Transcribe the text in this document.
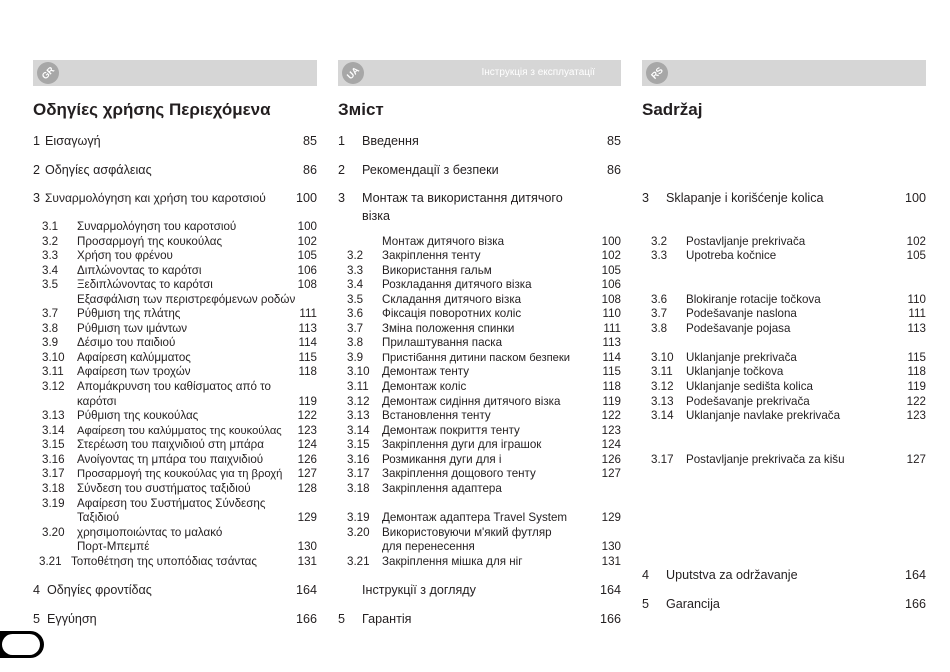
GR
Οδηγίες χρήσης Περιεχόμενα
1 Εισαγωγή	85
2 Οδηγίες ασφάλειας	86
3 Συναρμολόγηση και χρήση του καροτσιού	100
3.1 Συναρμολόγηση του καροτσιού	100
3.2 Προσαρμογή της κουκούλας	102
3.3 Χρήση του φρένου	105
3.4 Διπλώνοντας το καρότσι	106
3.5 Ξεδιπλώνοντας το καρότσι	108
Εξασφάλιση των περιστρεφόμενων ροδών
3.7 Ρύθμιση της πλάτης	111
3.8 Ρύθμιση των ιμάντων	113
3.9 Δέσιμο του παιδιού	114
3.10 Αφαίρεση καλύμματος	115
3.11 Αφαίρεση των τροχών	118
3.12 Απομάκρυνση του καθίσματος από το
καρότσι	119
3.13 Ρύθμιση της κουκούλας	122
3.14 Αφαίρεση του καλύμματος της κουκούλας 123
3.15 Στερέωση του παιχνιδιού στη μπάρα	124
3.16 Ανοίγοντας τη μπάρα του παιχνιδιού	126
3.17 Προσαρμογή της κουκούλας για τη βροχή 127
3.18 Σύνδεση του συστήματος ταξιδιού	128
3.19 Αφαίρεση του Συστήματος Σύνδεσης
Ταξιδιού	129
3.20 χρησιμοποιώντας το μαλακό
Πορτ-Μπεμπέ	130
3.21 Τοποθέτηση της υποπόδιας τσάντας	131
4 Οδηγίες φροντίδας	164
5 Εγγύηση	166
Інструкція з експлуатації
UA
Зміст
1 Введення	85
2 Рекомендації з безпеки	86
3 Монтаж та використання дитячого
візка
Монтаж дитячого візка	100
3.2 Закріплення тенту	102
3.3 Використання гальм	105
3.4 Розкладання дитячого візка	106
3.5 Складання дитячого візка	108
3.6 Фіксація поворотних коліс	110
3.7 Зміна положення спинки	111
3.8 Прилаштування паска	113
3.9 Пристібання дитини паском безпеки	114
3.10 Демонтаж тенту	115
3.11 Демонтаж коліс	118
3.12 Демонтаж сидіння дитячого візка	119
3.13 Встановлення тенту	122
3.14 Демонтаж покриття тенту	123
3.15 Закріплення дуги для іграшок	124
3.16 Розмикання дуги для і	126
3.17 Закріплення дощового тенту	127
3.18 Закріплення адаптера
3.19 Демонтаж адаптера Travel System	129
3.20 Використовуючи м'який футляр
для перенесення	130
3.21 Закріплення мішка для ніг	131
Інструкції з догляду	164
5 Гарантія	166
RS
Sadržaj
3 Sklapanje i korišćenje kolica	100
3.2 Postavljanje prekrivača	102
3.3 Upotreba kočnice	105
3.6 Blokiranje rotacije točkova	110
3.7 Podešavanje naslona	111
3.8 Podešavanje pojasa	113
3.10 Uklanjanje prekrivača	115
3.11 Uklanjanje točkova	118
3.12 Uklanjanje sedišta kolica	119
3.13 Podešavanje prekrivača	122
3.14 Uklanjanje navlake prekrivača	123
3.17 Postavljanje prekrivača za kišu	127
4 Uputstva za održavanje	164
5 Garancija	166
